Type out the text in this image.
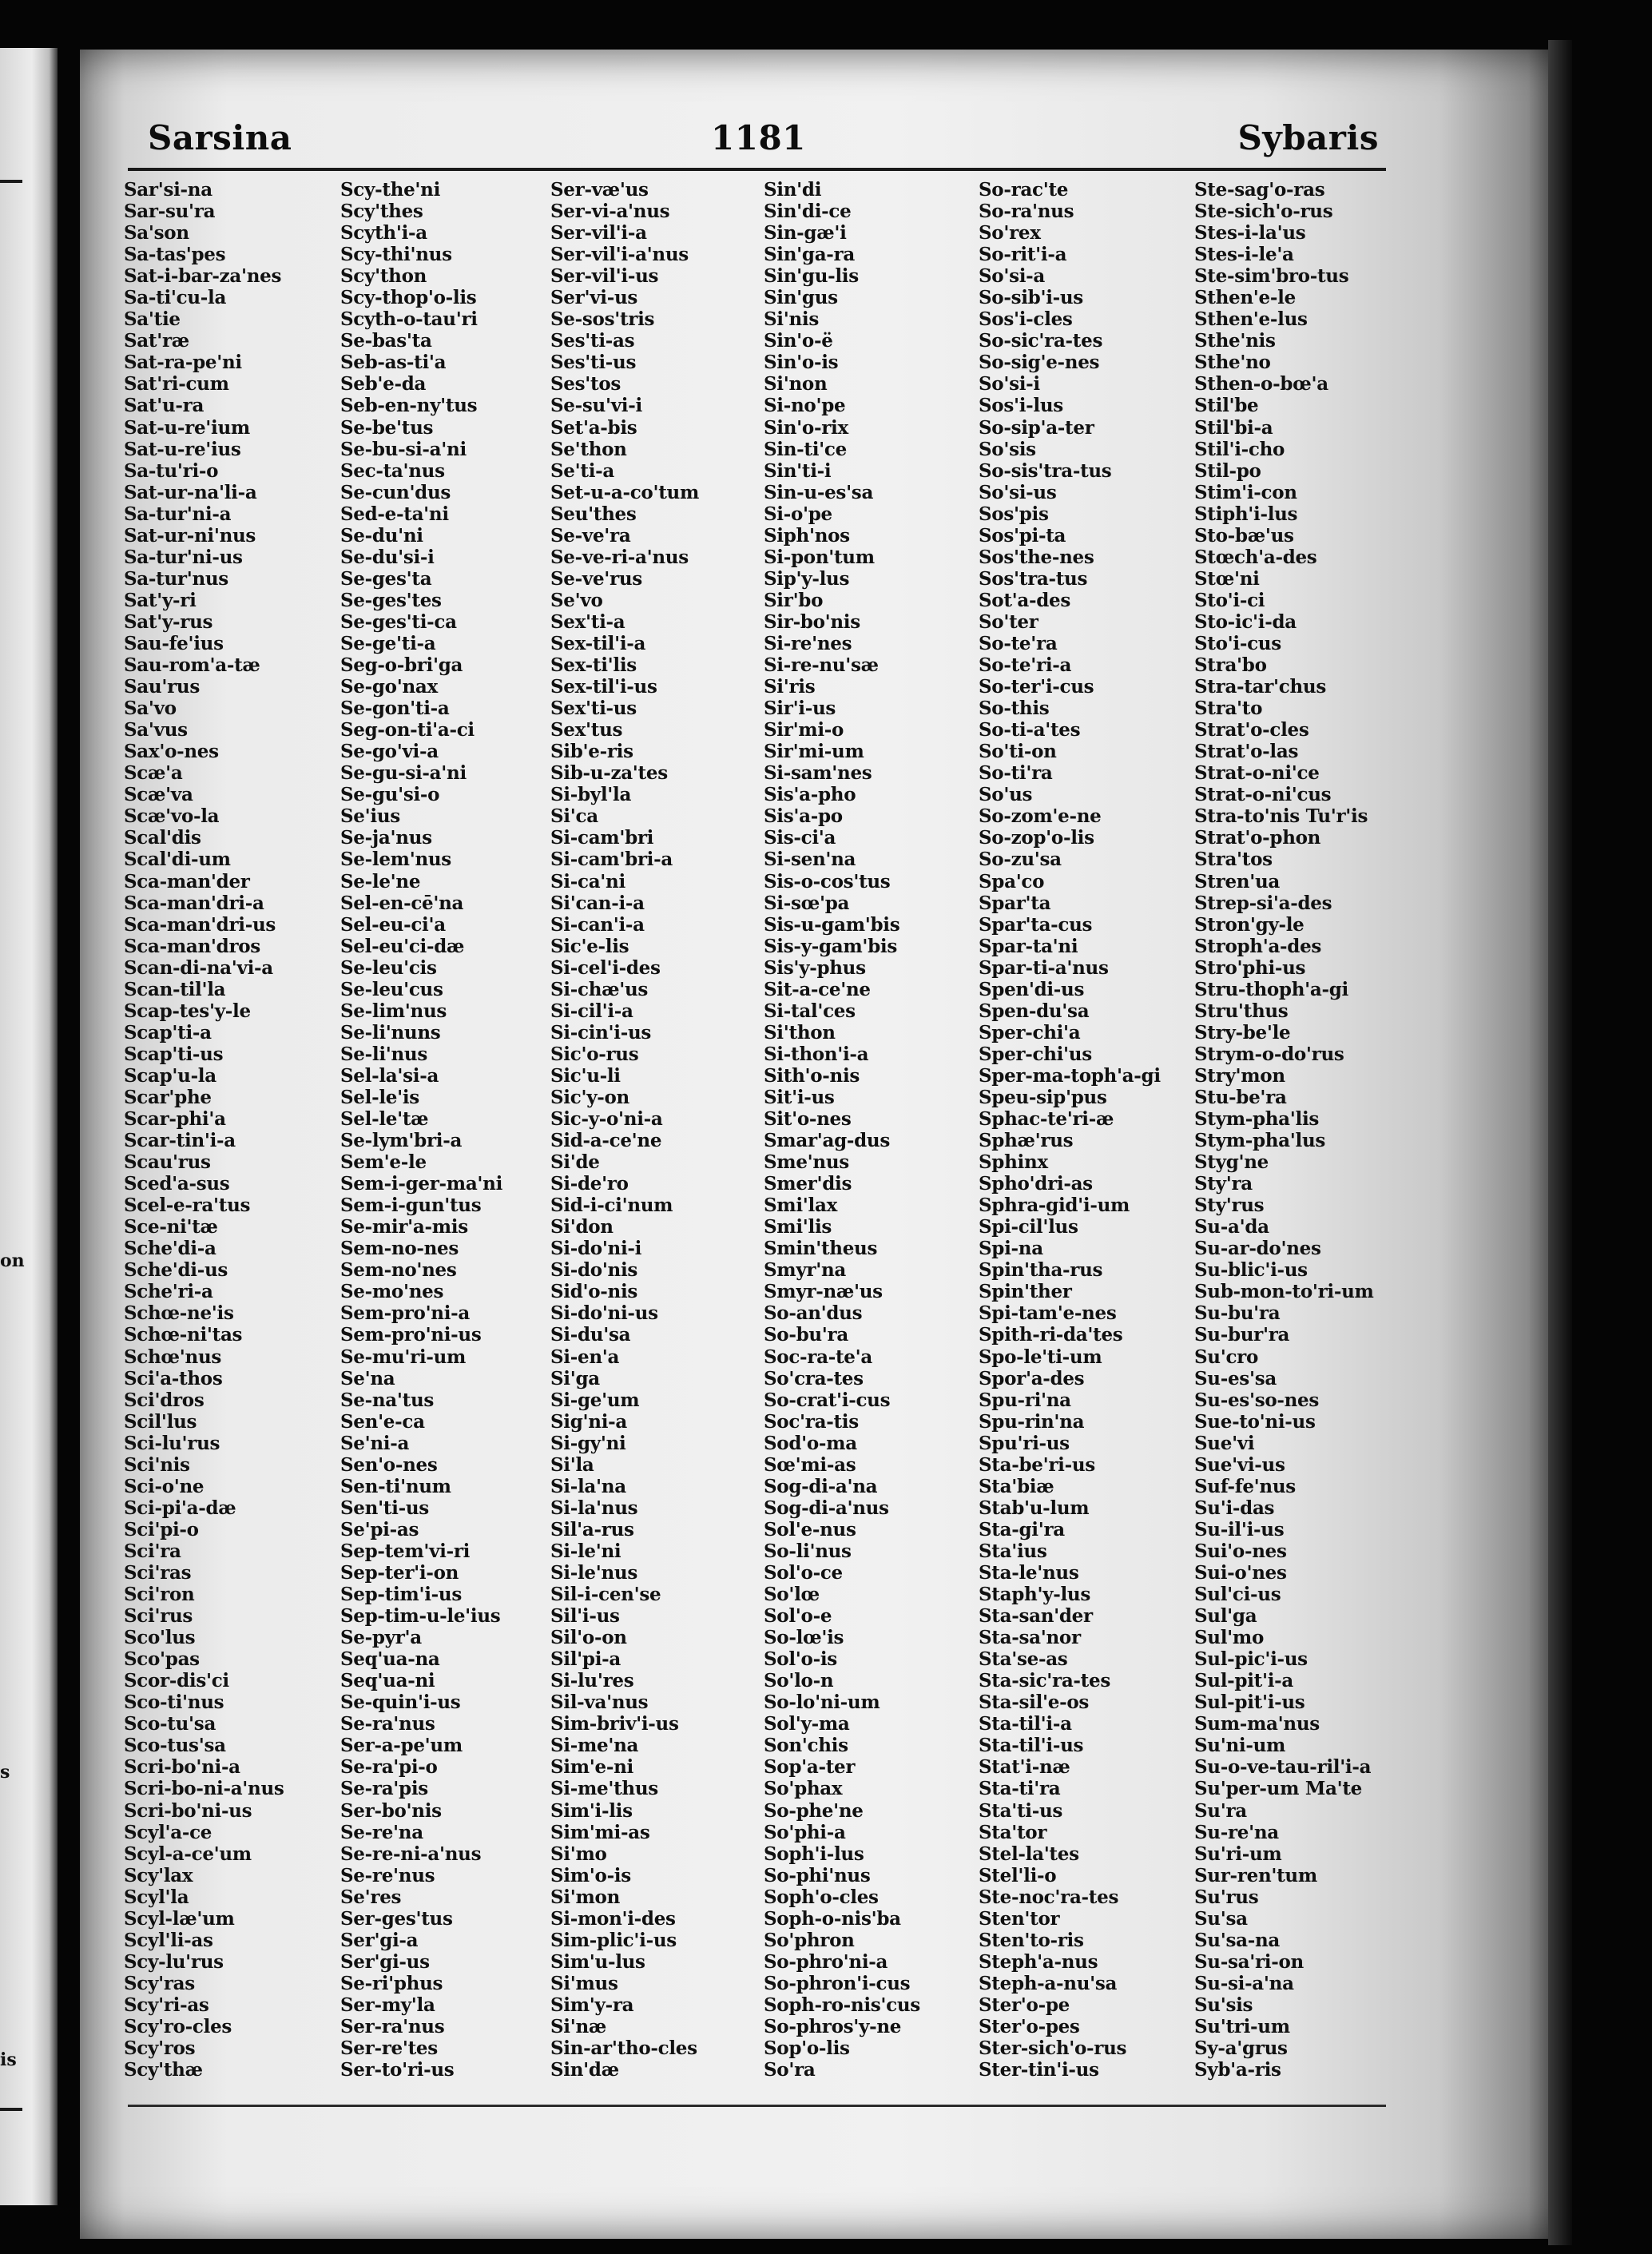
on
s
is
Sarsina	1181	Sybaris
Sar'si-na
Sar-su'ra
Sa'son
Sa-tas'pes
Sat-i-bar-za'nes
Sa-ti'cu-la
Sa'tie
Sat'ræ
Sat-ra-pe'ni
Sat'ri-cum
Sat'u-ra
Sat-u-re'ium
Sat-u-re'ius
Sa-tu'ri-o
Sat-ur-na'li-a
Sa-tur'ni-a
Sat-ur-ni'nus
Sa-tur'ni-us
Sa-tur'nus
Sat'y-ri
Sat'y-rus
Sau-fe'ius
Sau-rom'a-tæ
Sau'rus
Sa'vo
Sa'vus
Sax'o-nes
Scæ'a
Scæ'va
Scæ'vo-la
Scal'dis
Scal'di-um
Sca-man'der
Sca-man'dri-a
Sca-man'dri-us
Sca-man'dros
Scan-di-na'vi-a
Scan-til'la
Scap-tes'y-le
Scap'ti-a
Scap'ti-us
Scap'u-la
Scar'phe
Scar-phi'a
Scar-tin'i-a
Scau'rus
Sced'a-sus
Scel-e-ra'tus
Sce-ni'tæ
Sche'di-a
Sche'di-us
Sche'ri-a
Schœ-ne'is
Schœ-ni'tas
Schœ'nus
Sci'a-thos
Sci'dros
Scil'lus
Sci-lu'rus
Sci'nis
Sci-o'ne
Sci-pi'a-dæ
Sci'pi-o
Sci'ra
Sci'ras
Sci'ron
Sci'rus
Sco'lus
Sco'pas
Scor-dis'ci
Sco-ti'nus
Sco-tu'sa
Sco-tus'sa
Scri-bo'ni-a
Scri-bo-ni-a'nus
Scri-bo'ni-us
Scyl'a-ce
Scyl-a-ce'um
Scy'lax
Scyl'la
Scyl-læ'um
Scyl'li-as
Scy-lu'rus
Scy'ras
Scy'ri-as
Scy'ro-cles
Scy'ros
Scy'thæ
Scy-the'ni
Scy'thes
Scyth'i-a
Scy-thi'nus
Scy'thon
Scy-thop'o-lis
Scyth-o-tau'ri
Se-bas'ta
Seb-as-ti'a
Seb'e-da
Seb-en-ny'tus
Se-be'tus
Se-bu-si-a'ni
Sec-ta'nus
Se-cun'dus
Sed-e-ta'ni
Se-du'ni
Se-du'si-i
Se-ges'ta
Se-ges'tes
Se-ges'ti-ca
Se-ge'ti-a
Seg-o-bri'ga
Se-go'nax
Se-gon'ti-a
Seg-on-ti'a-ci
Se-go'vi-a
Se-gu-si-a'ni
Se-gu'si-o
Se'ius
Se-ja'nus
Se-lem'nus
Se-le'ne
Sel-en-cē'na
Sel-eu-ci'a
Sel-eu'ci-dæ
Se-leu'cis
Se-leu'cus
Se-lim'nus
Se-li'nuns
Se-li'nus
Sel-la'si-a
Sel-le'is
Sel-le'tæ
Se-lym'bri-a
Sem'e-le
Sem-i-ger-ma'ni
Sem-i-gun'tus
Se-mir'a-mis
Sem-no-nes
Sem-no'nes
Se-mo'nes
Sem-pro'ni-a
Sem-pro'ni-us
Se-mu'ri-um
Se'na
Se-na'tus
Sen'e-ca
Se'ni-a
Sen'o-nes
Sen-ti'num
Sen'ti-us
Se'pi-as
Sep-tem'vi-ri
Sep-ter'i-on
Sep-tim'i-us
Sep-tim-u-le'ius
Se-pyr'a
Seq'ua-na
Seq'ua-ni
Se-quin'i-us
Se-ra'nus
Ser-a-pe'um
Se-ra'pi-o
Se-ra'pis
Ser-bo'nis
Se-re'na
Se-re-ni-a'nus
Se-re'nus
Se'res
Ser-ges'tus
Ser'gi-a
Ser'gi-us
Se-ri'phus
Ser-my'la
Ser-ra'nus
Ser-re'tes
Ser-to'ri-us
Ser-væ'us
Ser-vi-a'nus
Ser-vil'i-a
Ser-vil'i-a'nus
Ser-vil'i-us
Ser'vi-us
Se-sos'tris
Ses'ti-as
Ses'ti-us
Ses'tos
Se-su'vi-i
Set'a-bis
Se'thon
Se'ti-a
Set-u-a-co'tum
Seu'thes
Se-ve'ra
Se-ve-ri-a'nus
Se-ve'rus
Se'vo
Sex'ti-a
Sex-til'i-a
Sex-ti'lis
Sex-til'i-us
Sex'ti-us
Sex'tus
Sib'e-ris
Sib-u-za'tes
Si-byl'la
Si'ca
Si-cam'bri
Si-cam'bri-a
Si-ca'ni
Si'can-i-a
Si-can'i-a
Sic'e-lis
Si-cel'i-des
Si-chæ'us
Si-cil'i-a
Si-cin'i-us
Sic'o-rus
Sic'u-li
Sic'y-on
Sic-y-o'ni-a
Sid-a-ce'ne
Si'de
Si-de'ro
Sid-i-ci'num
Si'don
Si-do'ni-i
Si-do'nis
Sid'o-nis
Si-do'ni-us
Si-du'sa
Si-en'a
Si'ga
Si-ge'um
Sig'ni-a
Si-gy'ni
Si'la
Si-la'na
Si-la'nus
Sil'a-rus
Si-le'ni
Si-le'nus
Sil-i-cen'se
Sil'i-us
Sil'o-on
Sil'pi-a
Si-lu'res
Sil-va'nus
Sim-briv'i-us
Si-me'na
Sim'e-ni
Si-me'thus
Sim'i-lis
Sim'mi-as
Si'mo
Sim'o-is
Si'mon
Si-mon'i-des
Sim-plic'i-us
Sim'u-lus
Si'mus
Sim'y-ra
Si'næ
Sin-ar'tho-cles
Sin'dæ
Sin'di
Sin'di-ce
Sin-gæ'i
Sin'ga-ra
Sin'gu-lis
Sin'gus
Si'nis
Sin'o-ë
Sin'o-is
Si'non
Si-no'pe
Sin'o-rix
Sin-ti'ce
Sin'ti-i
Sin-u-es'sa
Si-o'pe
Siph'nos
Si-pon'tum
Sip'y-lus
Sir'bo
Sir-bo'nis
Si-re'nes
Si-re-nu'sæ
Si'ris
Sir'i-us
Sir'mi-o
Sir'mi-um
Si-sam'nes
Sis'a-pho
Sis'a-po
Sis-ci'a
Si-sen'na
Sis-o-cos'tus
Si-sœ'pa
Sis-u-gam'bis
Sis-y-gam'bis
Sis'y-phus
Sit-a-ce'ne
Si-tal'ces
Si'thon
Si-thon'i-a
Sith'o-nis
Sit'i-us
Sit'o-nes
Smar'ag-dus
Sme'nus
Smer'dis
Smi'lax
Smi'lis
Smin'theus
Smyr'na
Smyr-næ'us
So-an'dus
So-bu'ra
Soc-ra-te'a
So'cra-tes
So-crat'i-cus
Soc'ra-tis
Sod'o-ma
Sœ'mi-as
Sog-di-a'na
Sog-di-a'nus
Sol'e-nus
So-li'nus
Sol'o-ce
So'lœ
Sol'o-e
So-lœ'is
Sol'o-is
So'lo-n
So-lo'ni-um
Sol'y-ma
Son'chis
Sop'a-ter
So'phax
So-phe'ne
So'phi-a
Soph'i-lus
So-phi'nus
Soph'o-cles
Soph-o-nis'ba
So'phron
So-phro'ni-a
So-phron'i-cus
Soph-ro-nis'cus
So-phros'y-ne
Sop'o-lis
So'ra
So-rac'te
So-ra'nus
So'rex
So-rit'i-a
So'si-a
So-sib'i-us
Sos'i-cles
So-sic'ra-tes
So-sig'e-nes
So'si-i
Sos'i-lus
So-sip'a-ter
So'sis
So-sis'tra-tus
So'si-us
Sos'pis
Sos'pi-ta
Sos'the-nes
Sos'tra-tus
Sot'a-des
So'ter
So-te'ra
So-te'ri-a
So-ter'i-cus
So-this
So-ti-a'tes
So'ti-on
So-ti'ra
So'us
So-zom'e-ne
So-zop'o-lis
So-zu'sa
Spa'co
Spar'ta
Spar'ta-cus
Spar-ta'ni
Spar-ti-a'nus
Spen'di-us
Spen-du'sa
Sper-chi'a
Sper-chi'us
Sper-ma-toph'a-gi
Speu-sip'pus
Sphac-te'ri-æ
Sphæ'rus
Sphinx
Spho'dri-as
Sphra-gid'i-um
Spi-cil'lus
Spi-na
Spin'tha-rus
Spin'ther
Spi-tam'e-nes
Spith-ri-da'tes
Spo-le'ti-um
Spor'a-des
Spu-ri'na
Spu-rin'na
Spu'ri-us
Sta-be'ri-us
Sta'biæ
Stab'u-lum
Sta-gi'ra
Sta'ius
Sta-le'nus
Staph'y-lus
Sta-san'der
Sta-sa'nor
Sta'se-as
Sta-sic'ra-tes
Sta-sil'e-os
Sta-til'i-a
Sta-til'i-us
Stat'i-næ
Sta-ti'ra
Sta'ti-us
Sta'tor
Stel-la'tes
Stel'li-o
Ste-noc'ra-tes
Sten'tor
Sten'to-ris
Steph'a-nus
Steph-a-nu'sa
Ster'o-pe
Ster'o-pes
Ster-sich'o-rus
Ster-tin'i-us
Ste-sag'o-ras
Ste-sich'o-rus
Stes-i-la'us
Stes-i-le'a
Ste-sim'bro-tus
Sthen'e-le
Sthen'e-lus
Sthe'nis
Sthe'no
Sthen-o-bœ'a
Stil'be
Stil'bi-a
Stil'i-cho
Stil-po
Stim'i-con
Stiph'i-lus
Sto-bæ'us
Stœch'a-des
Stœ'ni
Sto'i-ci
Sto-ic'i-da
Sto'i-cus
Stra'bo
Stra-tar'chus
Stra'to
Strat'o-cles
Strat'o-las
Strat-o-ni'ce
Strat-o-ni'cus
Stra-to'nis Tu'r'is
Strat'o-phon
Stra'tos
Stren'ua
Strep-si'a-des
Stron'gy-le
Stroph'a-des
Stro'phi-us
Stru-thoph'a-gi
Stru'thus
Stry-be'le
Strym-o-do'rus
Stry'mon
Stu-be'ra
Stym-pha'lis
Stym-pha'lus
Styg'ne
Sty'ra
Sty'rus
Su-a'da
Su-ar-do'nes
Su-blic'i-us
Sub-mon-to'ri-um
Su-bu'ra
Su-bur'ra
Su'cro
Su-es'sa
Su-es'so-nes
Sue-to'ni-us
Sue'vi
Sue'vi-us
Suf-fe'nus
Su'i-das
Su-il'i-us
Sui'o-nes
Sui-o'nes
Sul'ci-us
Sul'ga
Sul'mo
Sul-pic'i-us
Sul-pit'i-a
Sul-pit'i-us
Sum-ma'nus
Su'ni-um
Su-o-ve-tau-ril'i-a
Su'per-um Ma'te
Su'ra
Su-re'na
Su'ri-um
Sur-ren'tum
Su'rus
Su'sa
Su'sa-na
Su-sa'ri-on
Su-si-a'na
Su'sis
Su'tri-um
Sy-a'grus
Syb'a-ris
